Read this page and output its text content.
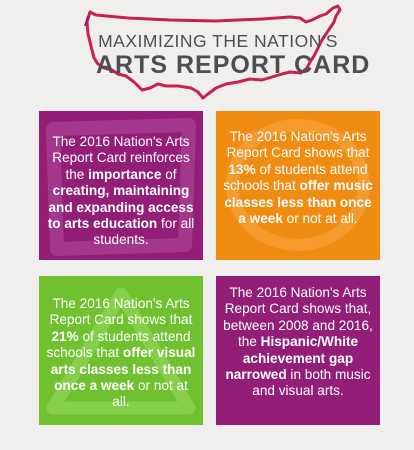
MAXIMIZING THE NATION'S
ARTS REPORT CARD
The 2016 Nation's Arts Report Card reinforces the importance of creating, maintaining and expanding access to arts education for all students.
The 2016 Nation's Arts Report Card shows that 13% of students attend schools that offer music classes less than once a week or not at all.
The 2016 Nation's Arts Report Card shows that 21% of students attend schools that offer visual arts classes less than once a week or not at all.
The 2016 Nation's Arts Report Card shows that, between 2008 and 2016, the Hispanic/White achievement gap narrowed in both music and visual arts.
